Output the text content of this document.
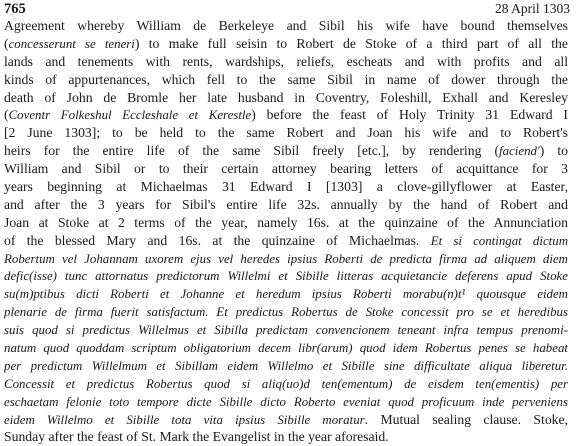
765	28 April 1303
Agreement whereby William de Berkeleye and Sibil his wife have bound themselves
(concesserunt se teneri) to make full seisin to Robert de Stoke of a third part of all the
lands and tenements with rents, wardships, reliefs, escheats and with profits and all
kinds of appurtenances, which fell to the same Sibil in name of dower through the
death of John de Bromle her late husband in Coventry, Foleshill, Exhall and Keresley
(Coventr Folkeshul Eccleshale et Kerestle) before the feast of Holy Trinity 31 Edward I
[2 June 1303]; to be held to the same Robert and Joan his wife and to Robert's
heirs for the entire life of the same Sibil freely [etc.], by rendering (faciend') to
William and Sibil or to their certain attorney bearing letters of acquittance for 3
years beginning at Michaelmas 31 Edward I [1303] a clove-gillyflower at Easter,
and after the 3 years for Sibil's entire life 32s. annually by the hand of Robert and
Joan at Stoke at 2 terms of the year, namely 16s. at the quinzaine of the Annunciation
of the blessed Mary and 16s. at the quinzaine of Michaelmas. Et si contingat dictum
Robertum vel Johannam uxorem ejus vel heredes ipsius Roberti de predicta firma ad aliquem diem
defic(isse) tunc attornatus predictorum Willelmi et Sibille litteras acquietancie deferens apud Stoke
su(m)ptibus dicti Roberti et Johanne et heredum ipsius Roberti morabu(n)t¹ quousque eidem
plenarie de firma fuerit satisfactum. Et predictus Robertus de Stoke concessit pro se et heredibus
suis quod si predictus Willelmus et Sibilla predictam convencionem teneant infra tempus prenomi-
natum quod quoddam scriptum obligatorium decem libr(arum) quod idem Robertus penes se habeat
per predictum Willelmum et Sibillam eidem Willelmo et Sibille sine difficultate aliqua liberetur.
Concessit et predictus Robertus quod si aliq(uo)d ten(ementum) de eisdem ten(ementis) per
eschaetam felonie toto tempore dicte Sibille dicto Roberto eveniat quod proficuum inde perveniens
eidem Willelmo et Sibille tota vita ipsius Sibille moratur. Mutual sealing clause. Stoke,
Sunday after the feast of St. Mark the Evangelist in the year aforesaid.
